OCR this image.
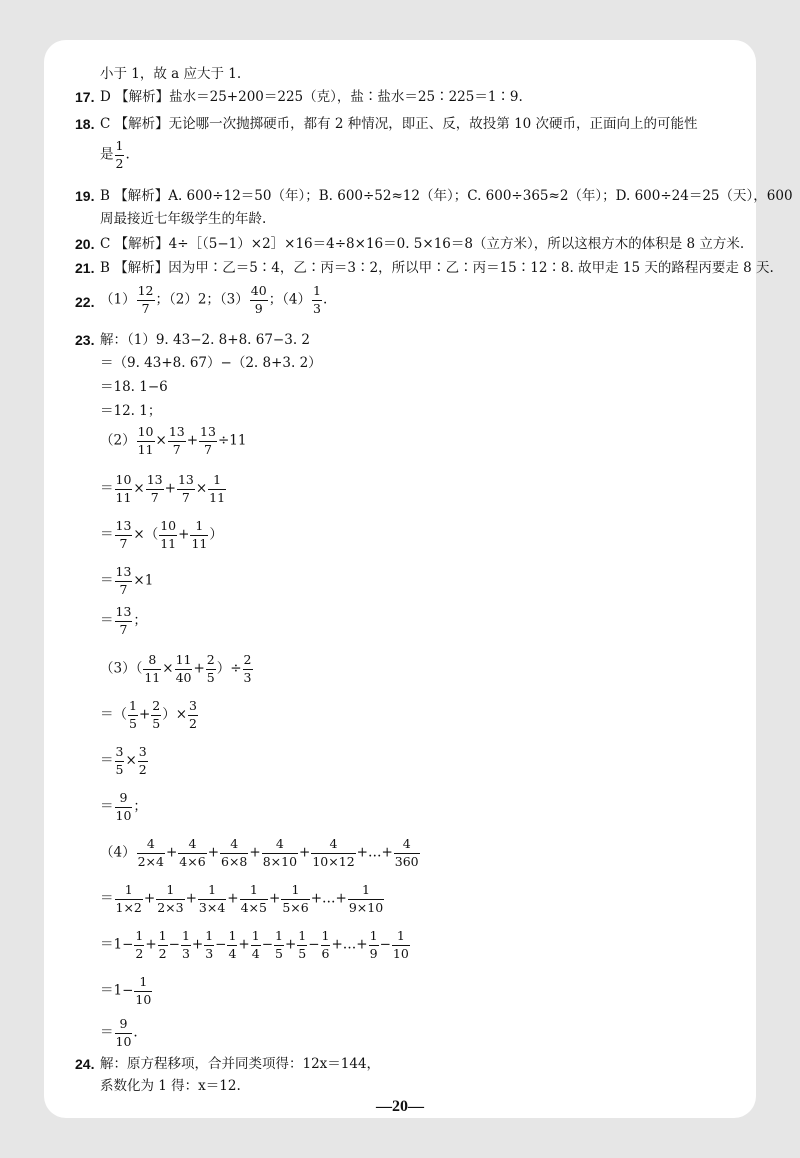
小于 1，故 a 应大于 1.
17. D 【解析】盐水＝25+200＝225（克），盐∶盐水＝25∶225＝1∶9.
18. C 【解析】无论哪一次抛掷硬币，都有 2 种情况，即正、反，故投第 10 次硬币，正面向上的可能性
是 $\frac{1}{2}$ .
19. B 【解析】A. 600÷12＝50（年）；B. 600÷52≈12（年）；C. 600÷365≈2（年）；D. 600÷24＝25（天），600
周最接近七年级学生的年龄.
20. C 【解析】4÷［（5−1）×2］×16＝4÷8×16＝0. 5×16＝8（立方米），所以这根方木的体积是 8 立方米.
21. B 【解析】因为甲∶乙＝5∶4，乙∶丙＝3∶2，所以甲∶乙∶丙＝15∶12∶8. 故甲走 15 天的路程丙要走 8 天.
22. $(1) \frac{12}{7}$ ；（2）2；$(3) \frac{40}{9}$ ；$(4) \frac{1}{3}$ .
23. 解：（1）9. 43−2. 8+8. 67−3. 2
＝（9. 43+8. 67）−（2. 8+3. 2）
＝18. 1−6
＝12. 1；
$(2) \frac{10}{11} \times \frac{13}{7} + \frac{13}{7} \div 11$
＝ $\frac{10}{11} \times \frac{13}{7} + \frac{13}{7} \times \frac{1}{11}$
＝ $\frac{13}{7}$ ×（ $\frac{10}{11} + \frac{1}{11}$ ）
＝ $\frac{13}{7} \times 1$
＝ $\frac{13}{7}$ ；
$(3)( \frac{8}{11} \times \frac{11}{40} + \frac{2}{5}$ ）÷ $\frac{2}{3}$
＝（ $\frac{1}{5} + \frac{2}{5}$ ）× $\frac{3}{2}$
＝ $\frac{3}{5} \times \frac{3}{2}$
＝ $\frac{9}{10}$ ；
$(4) \frac{4}{2\times 4} + \frac{4}{4\times 6} + \frac{4}{6\times 8} + \frac{4}{8\times 10} + \frac{4}{10\times 12}$ +…+ $\frac{4}{360}$
＝ $\frac{1}{1\times 2} + \frac{1}{2\times 3} + \frac{1}{3\times 4} + \frac{1}{4\times 5} + \frac{1}{5\times 6}$ +…+ $\frac{1}{9\times 10}$
$=1- \frac{1}{2} + \frac{1}{2} - \frac{1}{3} + \frac{1}{3} - \frac{1}{4} + \frac{1}{4} - \frac{1}{5} + \frac{1}{5} - \frac{1}{6}$ +…+ $\frac{1}{9} - \frac{1}{10}$
$=1- \frac{1}{10}$
＝ $\frac{9}{10}$ .
24. 解：原方程移项，合并同类项得：12x＝144，
系数化为 1 得：x＝12.
—20—
